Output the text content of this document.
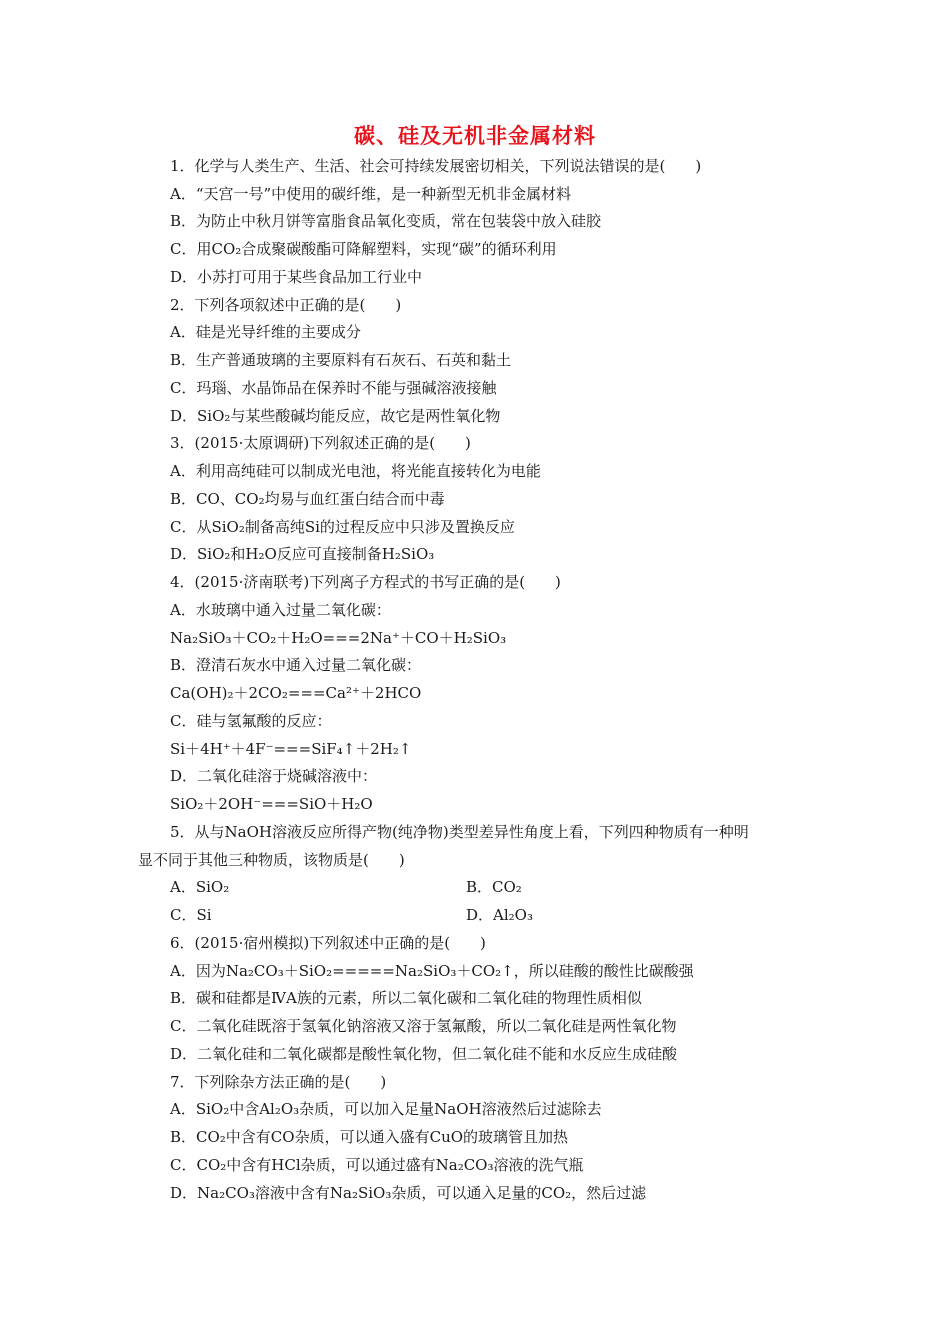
碳、硅及无机非金属材料
1．化学与人类生产、生活、社会可持续发展密切相关，下列说法错误的是(　　)
A．“天宫一号”中使用的碳纤维，是一种新型无机非金属材料
B．为防止中秋月饼等富脂食品氧化变质，常在包装袋中放入硅胶
C．用CO₂合成聚碳酸酯可降解塑料，实现“碳”的循环利用
D．小苏打可用于某些食品加工行业中
2．下列各项叙述中正确的是(　　)
A．硅是光导纤维的主要成分
B．生产普通玻璃的主要原料有石灰石、石英和黏土
C．玛瑙、水晶饰品在保养时不能与强碱溶液接触
D．SiO₂与某些酸碱均能反应，故它是两性氧化物
3．(2015·太原调研)下列叙述正确的是(　　)
A．利用高纯硅可以制成光电池，将光能直接转化为电能
B．CO、CO₂均易与血红蛋白结合而中毒
C．从SiO₂制备高纯Si的过程反应中只涉及置换反应
D．SiO₂和H₂O反应可直接制备H₂SiO₃
4．(2015·济南联考)下列离子方程式的书写正确的是(　　)
A．水玻璃中通入过量二氧化碳：
Na₂SiO₃＋CO₂＋H₂O===2Na⁺＋CO＋H₂SiO₃
B．澄清石灰水中通入过量二氧化碳：
Ca(OH)₂＋2CO₂===Ca²⁺＋2HCO
C．硅与氢氟酸的反应：
Si＋4H⁺＋4F⁻===SiF₄↑＋2H₂↑
D．二氧化硅溶于烧碱溶液中：
SiO₂＋2OH⁻===SiO＋H₂O
5．从与NaOH溶液反应所得产物(纯净物)类型差异性角度上看，下列四种物质有一种明
显不同于其他三种物质，该物质是(　　)
A．SiO₂	B．CO₂
C．Si	D．Al₂O₃
6．(2015·宿州模拟)下列叙述中正确的是(　　)
A．因为Na₂CO₃＋SiO₂=====Na₂SiO₃＋CO₂↑，所以硅酸的酸性比碳酸强
B．碳和硅都是ⅣA族的元素，所以二氧化碳和二氧化硅的物理性质相似
C．二氧化硅既溶于氢氧化钠溶液又溶于氢氟酸，所以二氧化硅是两性氧化物
D．二氧化硅和二氧化碳都是酸性氧化物，但二氧化硅不能和水反应生成硅酸
7．下列除杂方法正确的是(　　)
A．SiO₂中含Al₂O₃杂质，可以加入足量NaOH溶液然后过滤除去
B．CO₂中含有CO杂质，可以通入盛有CuO的玻璃管且加热
C．CO₂中含有HCl杂质，可以通过盛有Na₂CO₃溶液的洗气瓶
D．Na₂CO₃溶液中含有Na₂SiO₃杂质，可以通入足量的CO₂，然后过滤
